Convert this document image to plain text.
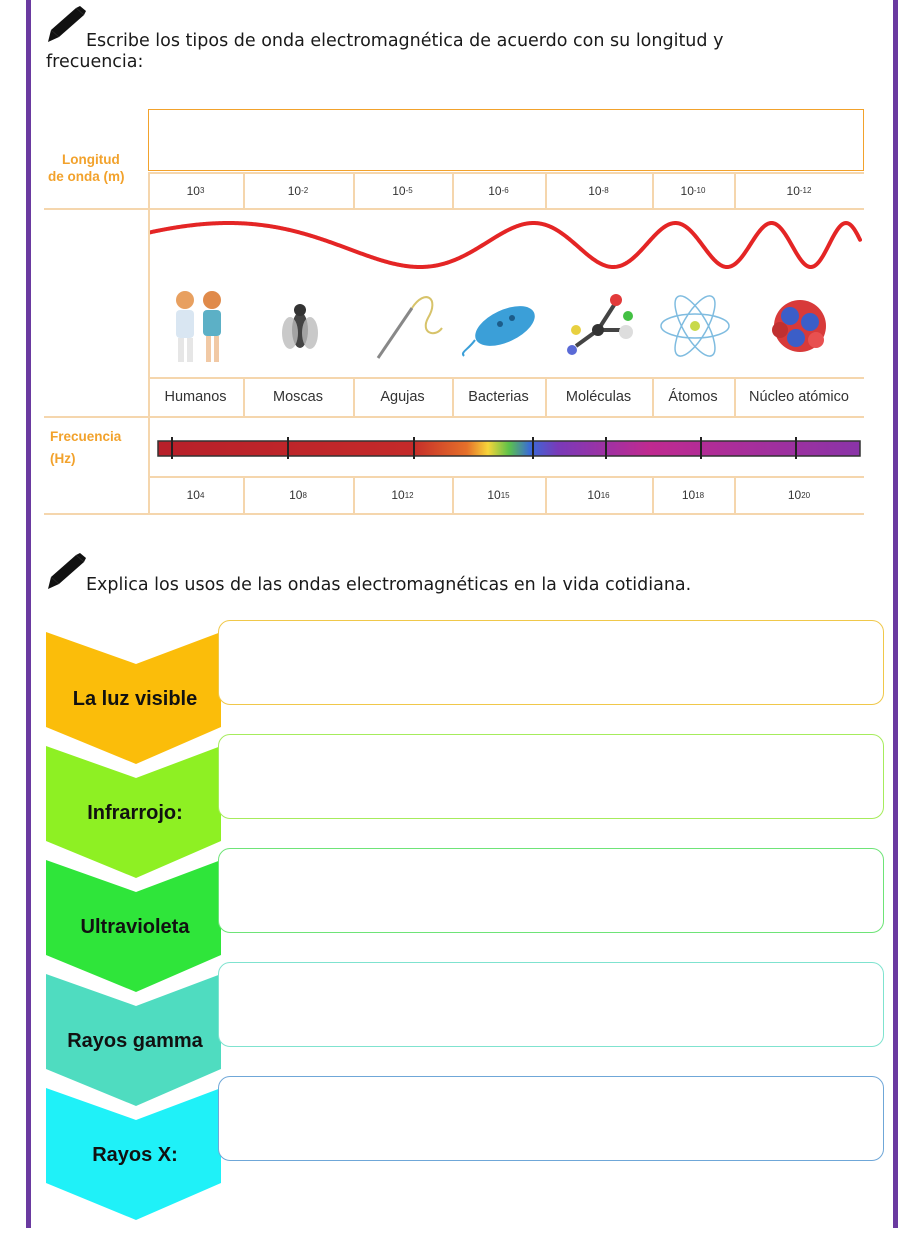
Escribe los tipos de onda electromagnética de acuerdo con su longitud y
frecuencia:
Longitud
de onda (m)
10 3	10 -2	10 -5	10 -6	10 -8	10 -10	10 -12
Humanos	Moscas	Agujas	Bacterias	Moléculas	Átomos	Núcleo atómico
Frecuencia
(Hz)
10 4	10 8	10 12	10 15	10 16	10 18	10 20
Explica los usos de las ondas electromagnéticas en la vida cotidiana.
La luz visible
Infrarrojo:
Ultravioleta
Rayos gamma
Rayos X:
